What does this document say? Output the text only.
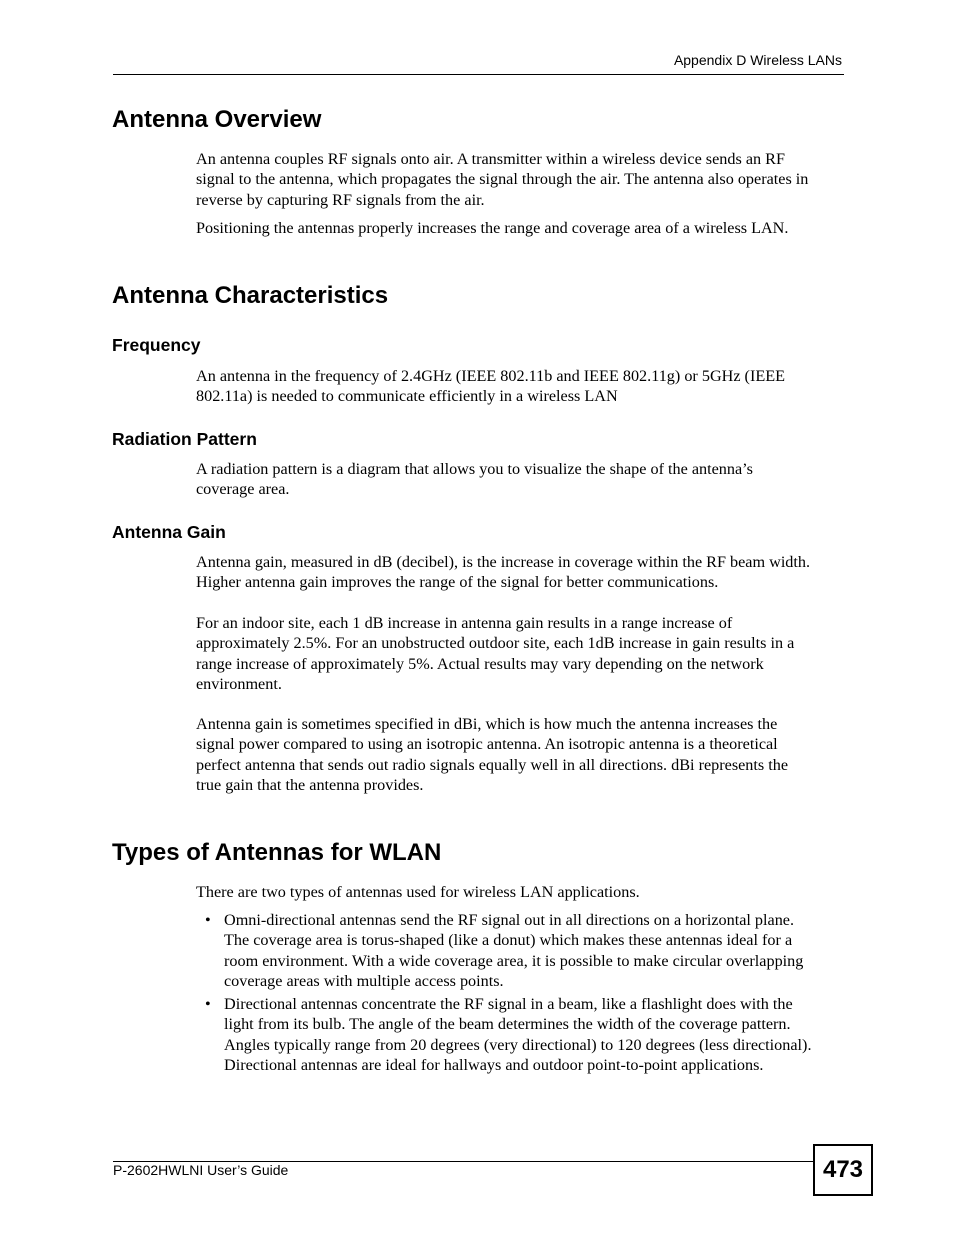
Appendix D Wireless LANs
Antenna Overview

An antenna couples RF signals onto air. A transmitter within a wireless device sends an RF
signal to the antenna, which propagates the signal through the air. The antenna also operates in
reverse by capturing RF signals from the air.

Positioning the antennas properly increases the range and coverage area of a wireless LAN.

Antenna Characteristics
Frequency

An antenna in the frequency of 2.4GHz (IEEE 802.11b and IEEE 802.11g) or 5GHz (IEEE
802.11a) is needed to communicate efficiently in a wireless LAN

Radiation Pattern

A radiation pattern is a diagram that allows you to visualize the shape of the antenna’s
coverage area.

Antenna Gain

Antenna gain, measured in dB (decibel), is the increase in coverage within the RF beam width.
Higher antenna gain improves the range of the signal for better communications.

For an indoor site, each 1 dB increase in antenna gain results in a range increase of
approximately 2.5%. For an unobstructed outdoor site, each 1dB increase in gain results in a
range increase of approximately 5%. Actual results may vary depending on the network
environment.

Antenna gain is sometimes specified in dBi, which is how much the antenna increases the
signal power compared to using an isotropic antenna. An isotropic antenna is a theoretical
perfect antenna that sends out radio signals equally well in all directions. dBi represents the
true gain that the antenna provides.

Types of Antennas for WLAN

There are two types of antennas used for wireless LAN applications.

• Omni-directional antennas send the RF signal out in all directions on a horizontal plane.
The coverage area is torus-shaped (like a donut) which makes these antennas ideal for a
room environment. With a wide coverage area, it is possible to make circular overlapping
coverage areas with multiple access points.

• Directional antennas concentrate the RF signal in a beam, like a flashlight does with the
light from its bulb. The angle of the beam determines the width of the coverage pattern.
Angles typically range from 20 degrees (very directional) to 120 degrees (less directional).
Directional antennas are ideal for hallways and outdoor point-to-point applications.

P-2602HWLNI User’s Guide	473
